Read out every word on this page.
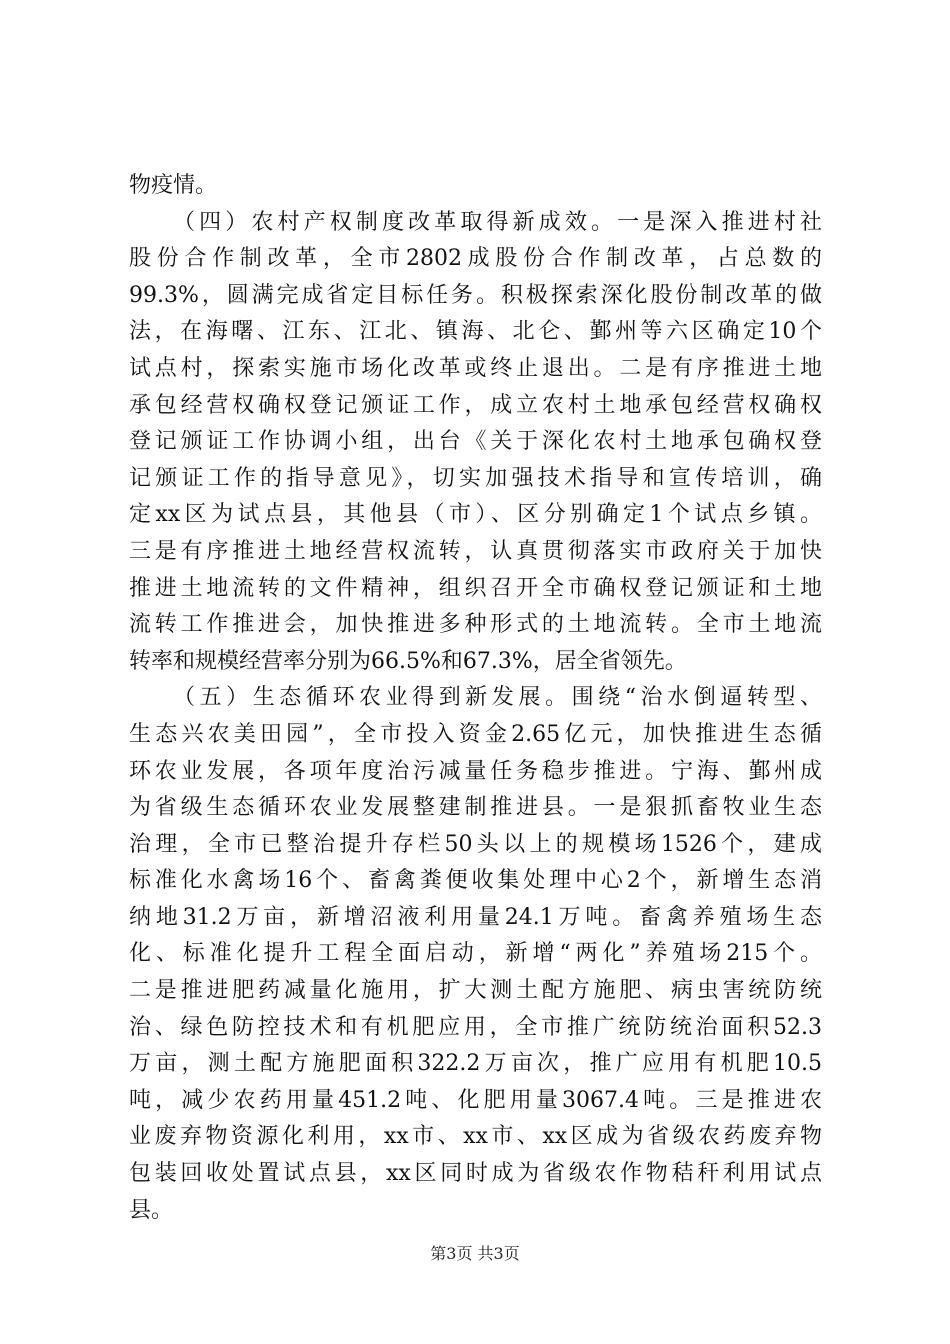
物疫情。
（四）农村产权制度改革取得新成效。一是深入推进村社
股份合作制改革，全市2802成股份合作制改革，占总数的
99.3%，圆满完成省定目标任务。积极探索深化股份制改革的做
法，在海曙、江东、江北、镇海、北仑、鄞州等六区确定10个
试点村，探索实施市场化改革或终止退出。二是有序推进土地
承包经营权确权登记颁证工作，成立农村土地承包经营权确权
登记颁证工作协调小组，出台《关于深化农村土地承包确权登
记颁证工作的指导意见》，切实加强技术指导和宣传培训，确
定xx区为试点县，其他县（市）、区分别确定1个试点乡镇。
三是有序推进土地经营权流转，认真贯彻落实市政府关于加快
推进土地流转的文件精神，组织召开全市确权登记颁证和土地
流转工作推进会，加快推进多种形式的土地流转。全市土地流
转率和规模经营率分别为66.5%和67.3%，居全省领先。
（五）生态循环农业得到新发展。围绕“治水倒逼转型、
生态兴农美田园”，全市投入资金2.65亿元，加快推进生态循
环农业发展，各项年度治污减量任务稳步推进。宁海、鄞州成
为省级生态循环农业发展整建制推进县。一是狠抓畜牧业生态
治理，全市已整治提升存栏50头以上的规模场1526个，建成
标准化水禽场16个、畜禽粪便收集处理中心2个，新增生态消
纳地31.2万亩，新增沼液利用量24.1万吨。畜禽养殖场生态
化、标准化提升工程全面启动，新增“两化”养殖场215个。
二是推进肥药减量化施用，扩大测土配方施肥、病虫害统防统
治、绿色防控技术和有机肥应用，全市推广统防统治面积52.3
万亩，测土配方施肥面积322.2万亩次，推广应用有机肥10.5
吨，减少农药用量451.2吨、化肥用量3067.4吨。三是推进农
业废弃物资源化利用，xx市、xx市、xx区成为省级农药废弃物
包装回收处置试点县，xx区同时成为省级农作物秸秆利用试点
县。
第3页 共3页
